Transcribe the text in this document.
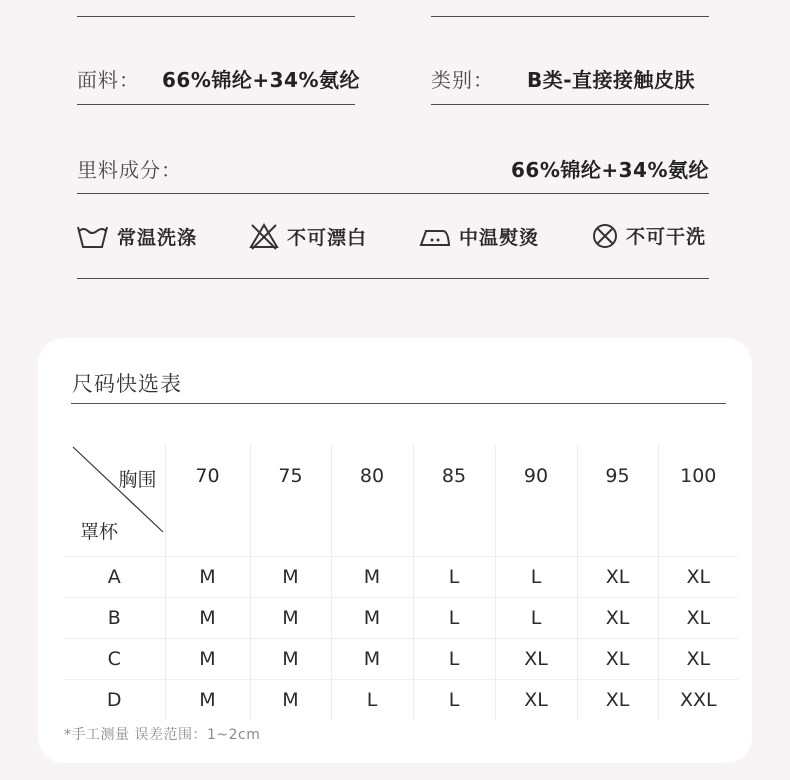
面料： 66%锦纶+34%氨纶	类别： B类-直接接触皮肤
里料成分：	66%锦纶+34%氨纶
常温洗涤	不可漂白	中温熨烫	不可干洗
尺码快选表
胸围
罩杯	70	75	80	85	90	95	100
A	M	M	M	L	L	XL	XL
B	M	M	M	L	L	XL	XL
C	M	M	M	L	XL	XL	XL
D	M	M	L	L	XL	XL	XXL
*手工测量 误差范围：1~2cm
